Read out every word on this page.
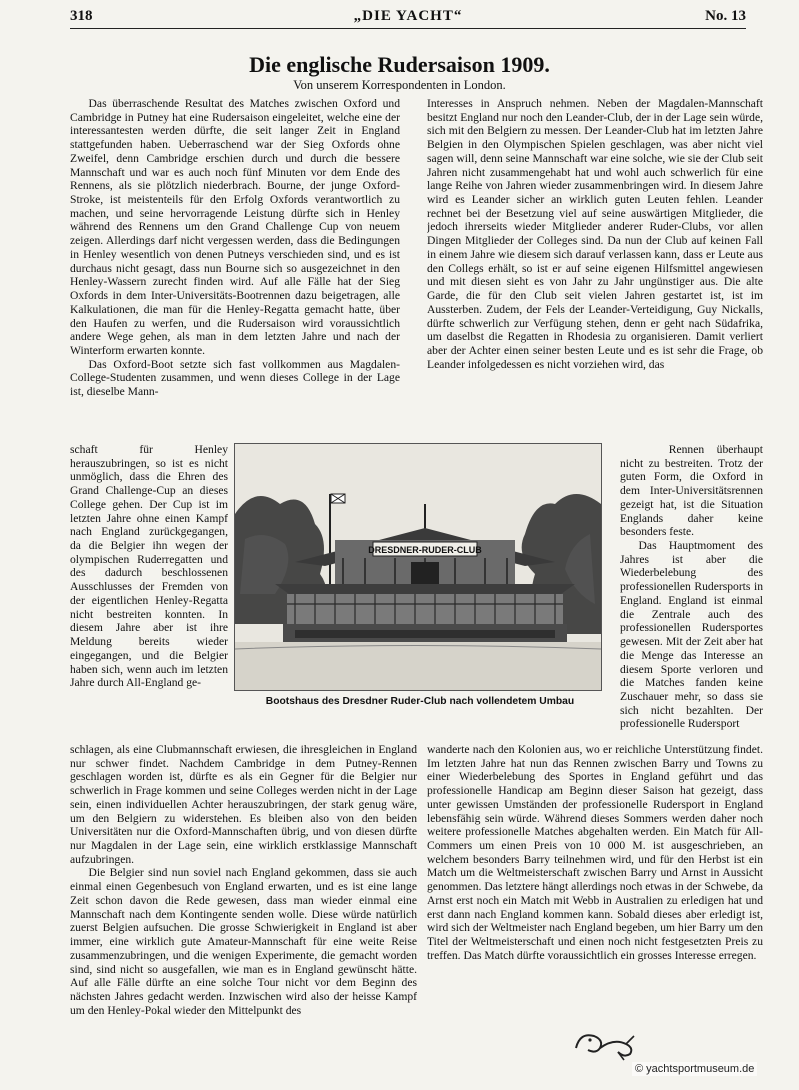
318	„DIE YACHT“	No. 13
Die englische Rudersaison 1909.
Von unserem Korrespondenten in London.

Das überraschende Resultat des Matches zwischen Oxford und Cambridge in Putney hat eine Rudersaison eingeleitet, welche eine der interessantesten werden dürfte, die seit langer Zeit in England stattgefunden haben. Ueberraschend war der Sieg Oxfords ohne Zweifel, denn Cambridge erschien durch und durch die bessere Mannschaft und war es auch noch fünf Minuten vor dem Ende des Rennens, als sie plötzlich niederbrach. Bourne, der junge Oxford-Stroke, ist meistenteils für den Erfolg Oxfords verantwortlich zu machen, und seine hervorragende Leistung dürfte sich in Henley während des Rennens um den Grand Challenge Cup von neuem zeigen. Allerdings darf nicht vergessen werden, dass die Bedingungen in Henley wesentlich von denen Putneys verschieden sind, und es ist durchaus nicht gesagt, dass nun Bourne sich so ausgezeichnet in den Henley-Wassern zurecht finden wird. Auf alle Fälle hat der Sieg Oxfords in dem Inter-Universitäts-Bootrennen dazu beigetragen, alle Kalkulationen, die man für die Henley-Regatta gemacht hatte, über den Haufen zu werfen, und die Rudersaison wird voraussichtlich andere Wege gehen, als man in dem letzten Jahre und nach der Winterform erwarten konnte.

Das Oxford-Boot setzte sich fast vollkommen aus Magdalen-College-Studenten zusammen, und wenn dieses College in der Lage ist, dieselbe Mann-

Interesses in Anspruch nehmen. Neben der Magdalen-Mannschaft besitzt England nur noch den Leander-Club, der in der Lage sein würde, sich mit den Belgiern zu messen. Der Leander-Club hat im letzten Jahre Belgien in den Olympischen Spielen geschlagen, was aber nicht viel sagen will, denn seine Mannschaft war eine solche, wie sie der Club seit Jahren nicht zusammengehabt hat und wohl auch schwerlich für eine lange Reihe von Jahren wieder zusammenbringen wird. In diesem Jahre wird es Leander sicher an wirklich guten Leuten fehlen. Leander rechnet bei der Besetzung viel auf seine auswärtigen Mitglieder, die jedoch ihrerseits wieder Mitglieder anderer Ruder-Clubs, vor allen Dingen Mitglieder der Colleges sind. Da nun der Club auf keinen Fall in einem Jahre wie diesem sich darauf verlassen kann, dass er Leute aus den Collegs erhält, so ist er auf seine eigenen Hilfsmittel angewiesen und mit diesen sieht es von Jahr zu Jahr ungünstiger aus. Die alte Garde, die für den Club seit vielen Jahren gestartet ist, ist im Aussterben. Zudem, der Fels der Leander-Verteidigung, Guy Nickalls, dürfte schwerlich zur Verfügung stehen, denn er geht nach Südafrika, um daselbst die Regatten in Rhodesia zu organisieren. Damit verliert aber der Achter einen seiner besten Leute und es ist sehr die Frage, ob Leander infolgedessen es nicht vorziehen wird, das

schaft für Henley herauszubringen, so ist es nicht unmöglich, dass die Ehren des Grand Challenge-Cup an dieses College gehen. Der Cup ist im letzten Jahre ohne einen Kampf nach England zurückgegangen, da die Belgier ihn wegen der olympischen Ruderregatten und des dadurch beschlossenen Ausschlusses der Fremden von der eigentlichen Henley-Regatta nicht bestreiten konnten. In diesem Jahre aber ist ihre Meldung bereits wieder eingegangen, und die Belgier haben sich, wenn auch im letzten Jahre durch All-England ge-

DRESDNER-RUDER-CLUB
Bootshaus des Dresdner Ruder-Club nach vollendetem Umbau

Rennen überhaupt nicht zu bestreiten. Trotz der guten Form, die Oxford in dem Inter-Universitätsrennen gezeigt hat, ist die Situation Englands daher keine besonders feste.

Das Hauptmoment des Jahres ist aber die Wiederbelebung des professionellen Rudersports in England. England ist einmal die Zentrale auch des professionellen Rudersportes gewesen. Mit der Zeit aber hat die Menge das Interesse an diesem Sporte verloren und die Matches fanden keine Zuschauer mehr, so dass sie sich nicht bezahlten. Der professionelle Rudersport

schlagen, als eine Clubmannschaft erwiesen, die ihresgleichen in England nur schwer findet. Nachdem Cambridge in dem Putney-Rennen geschlagen worden ist, dürfte es als ein Gegner für die Belgier nur schwerlich in Frage kommen und seine Colleges werden nicht in der Lage sein, einen individuellen Achter herauszubringen, der stark genug wäre, um den Belgiern zu widerstehen. Es bleiben also von den beiden Universitäten nur die Oxford-Mannschaften übrig, und von diesen dürfte nur Magdalen in der Lage sein, eine wirklich erstklassige Mannschaft aufzubringen.

Die Belgier sind nun soviel nach England gekommen, dass sie auch einmal einen Gegenbesuch von England erwarten, und es ist eine lange Zeit schon davon die Rede gewesen, dass man wieder einmal eine Mannschaft nach dem Kontingente senden wolle. Diese würde natürlich zuerst Belgien aufsuchen. Die grosse Schwierigkeit in England ist aber immer, eine wirklich gute Amateur-Mannschaft für eine weite Reise zusammenzubringen, und die wenigen Experimente, die gemacht worden sind, sind nicht so ausgefallen, wie man es in England gewünscht hätte. Auf alle Fälle dürfte an eine solche Tour nicht vor dem Beginn des nächsten Jahres gedacht werden. Inzwischen wird also der heisse Kampf um den Henley-Pokal wieder den Mittelpunkt des

wanderte nach den Kolonien aus, wo er reichliche Unterstützung findet. Im letzten Jahre hat nun das Rennen zwischen Barry und Towns zu einer Wiederbelebung des Sportes in England geführt und das professionelle Handicap am Beginn dieser Saison hat gezeigt, dass unter gewissen Umständen der professionelle Rudersport in England lebensfähig sein würde. Während dieses Sommers werden daher noch weitere professionelle Matches abgehalten werden. Ein Match für All-Commers um einen Preis von 10 000 M. ist ausgeschrieben, an welchem besonders Barry teilnehmen wird, und für den Herbst ist ein Match um die Weltmeisterschaft zwischen Barry und Arnst in Aussicht genommen. Das letztere hängt allerdings noch etwas in der Schwebe, da Arnst erst noch ein Match mit Webb in Australien zu erledigen hat und erst dann nach England kommen kann. Sobald dieses aber erledigt ist, wird sich der Weltmeister nach England begeben, um hier Barry um den Titel der Weltmeisterschaft und einen noch nicht festgesetzten Preis zu treffen. Das Match dürfte voraussichtlich ein grosses Interesse erregen.

© yachtsportmuseum.de
